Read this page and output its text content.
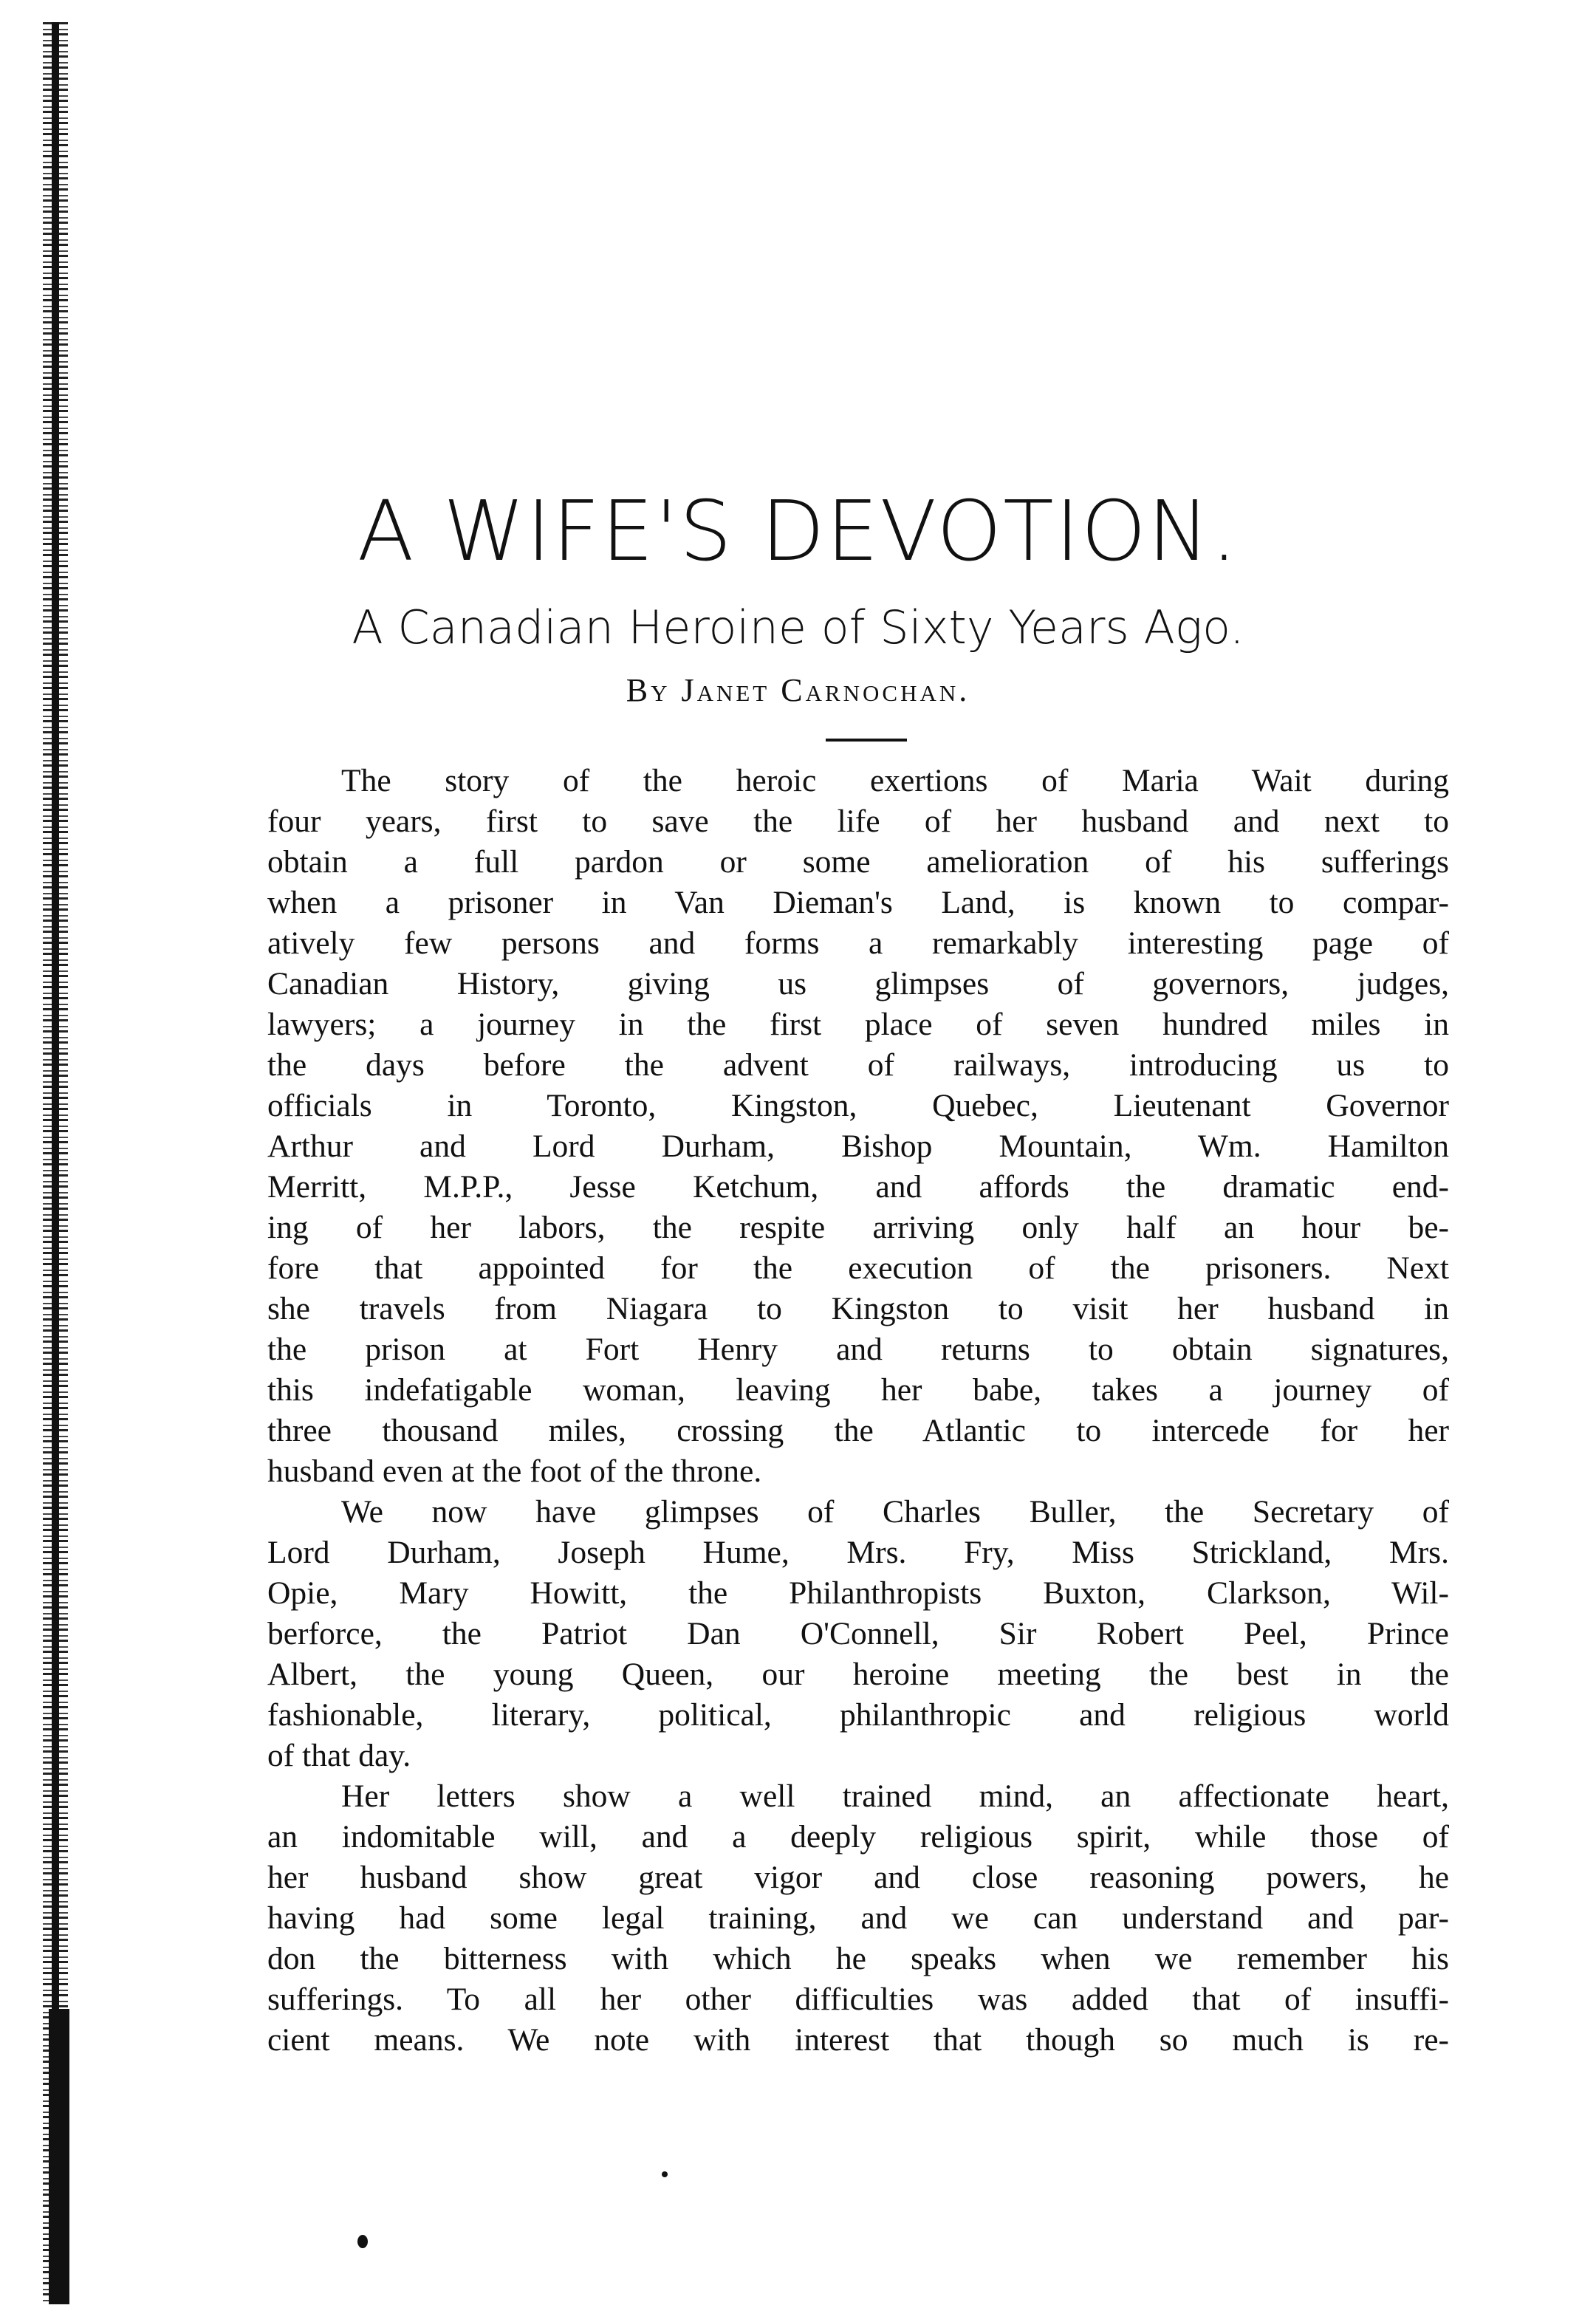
A WIFE'S DEVOTION.
A Canadian Heroine of Sixty Years Ago.

By Janet Carnochan.

The story of the heroic exertions of Maria Wait during
four years, first to save the life of her husband and next to
obtain a full pardon or some amelioration of his sufferings
when a prisoner in Van Dieman's Land, is known to compar-
atively few persons and forms a remarkably interesting page of
Canadian History, giving us glimpses of governors, judges,
lawyers; a journey in the first place of seven hundred miles in
the days before the advent of railways, introducing us to
officials in Toronto, Kingston, Quebec, Lieutenant Governor
Arthur and Lord Durham, Bishop Mountain, Wm. Hamilton
Merritt, M.P.P., Jesse Ketchum, and affords the dramatic end-
ing of her labors, the respite arriving only half an hour be-
fore that appointed for the execution of the prisoners. Next
she travels from Niagara to Kingston to visit her husband in
the prison at Fort Henry and returns to obtain signatures,
this indefatigable woman, leaving her babe, takes a journey of
three thousand miles, crossing the Atlantic to intercede for her
husband even at the foot of the throne.

We now have glimpses of Charles Buller, the Secretary of
Lord Durham, Joseph Hume, Mrs. Fry, Miss Strickland, Mrs.
Opie, Mary Howitt, the Philanthropists Buxton, Clarkson, Wil-
berforce, the Patriot Dan O'Connell, Sir Robert Peel, Prince
Albert, the young Queen, our heroine meeting the best in the
fashionable, literary, political, philanthropic and religious world
of that day.

Her letters show a well trained mind, an affectionate heart,
an indomitable will, and a deeply religious spirit, while those of
her husband show great vigor and close reasoning powers, he
having had some legal training, and we can understand and par-
don the bitterness with which he speaks when we remember his
sufferings. To all her other difficulties was added that of insuffi-
cient means. We note with interest that though so much is re-
